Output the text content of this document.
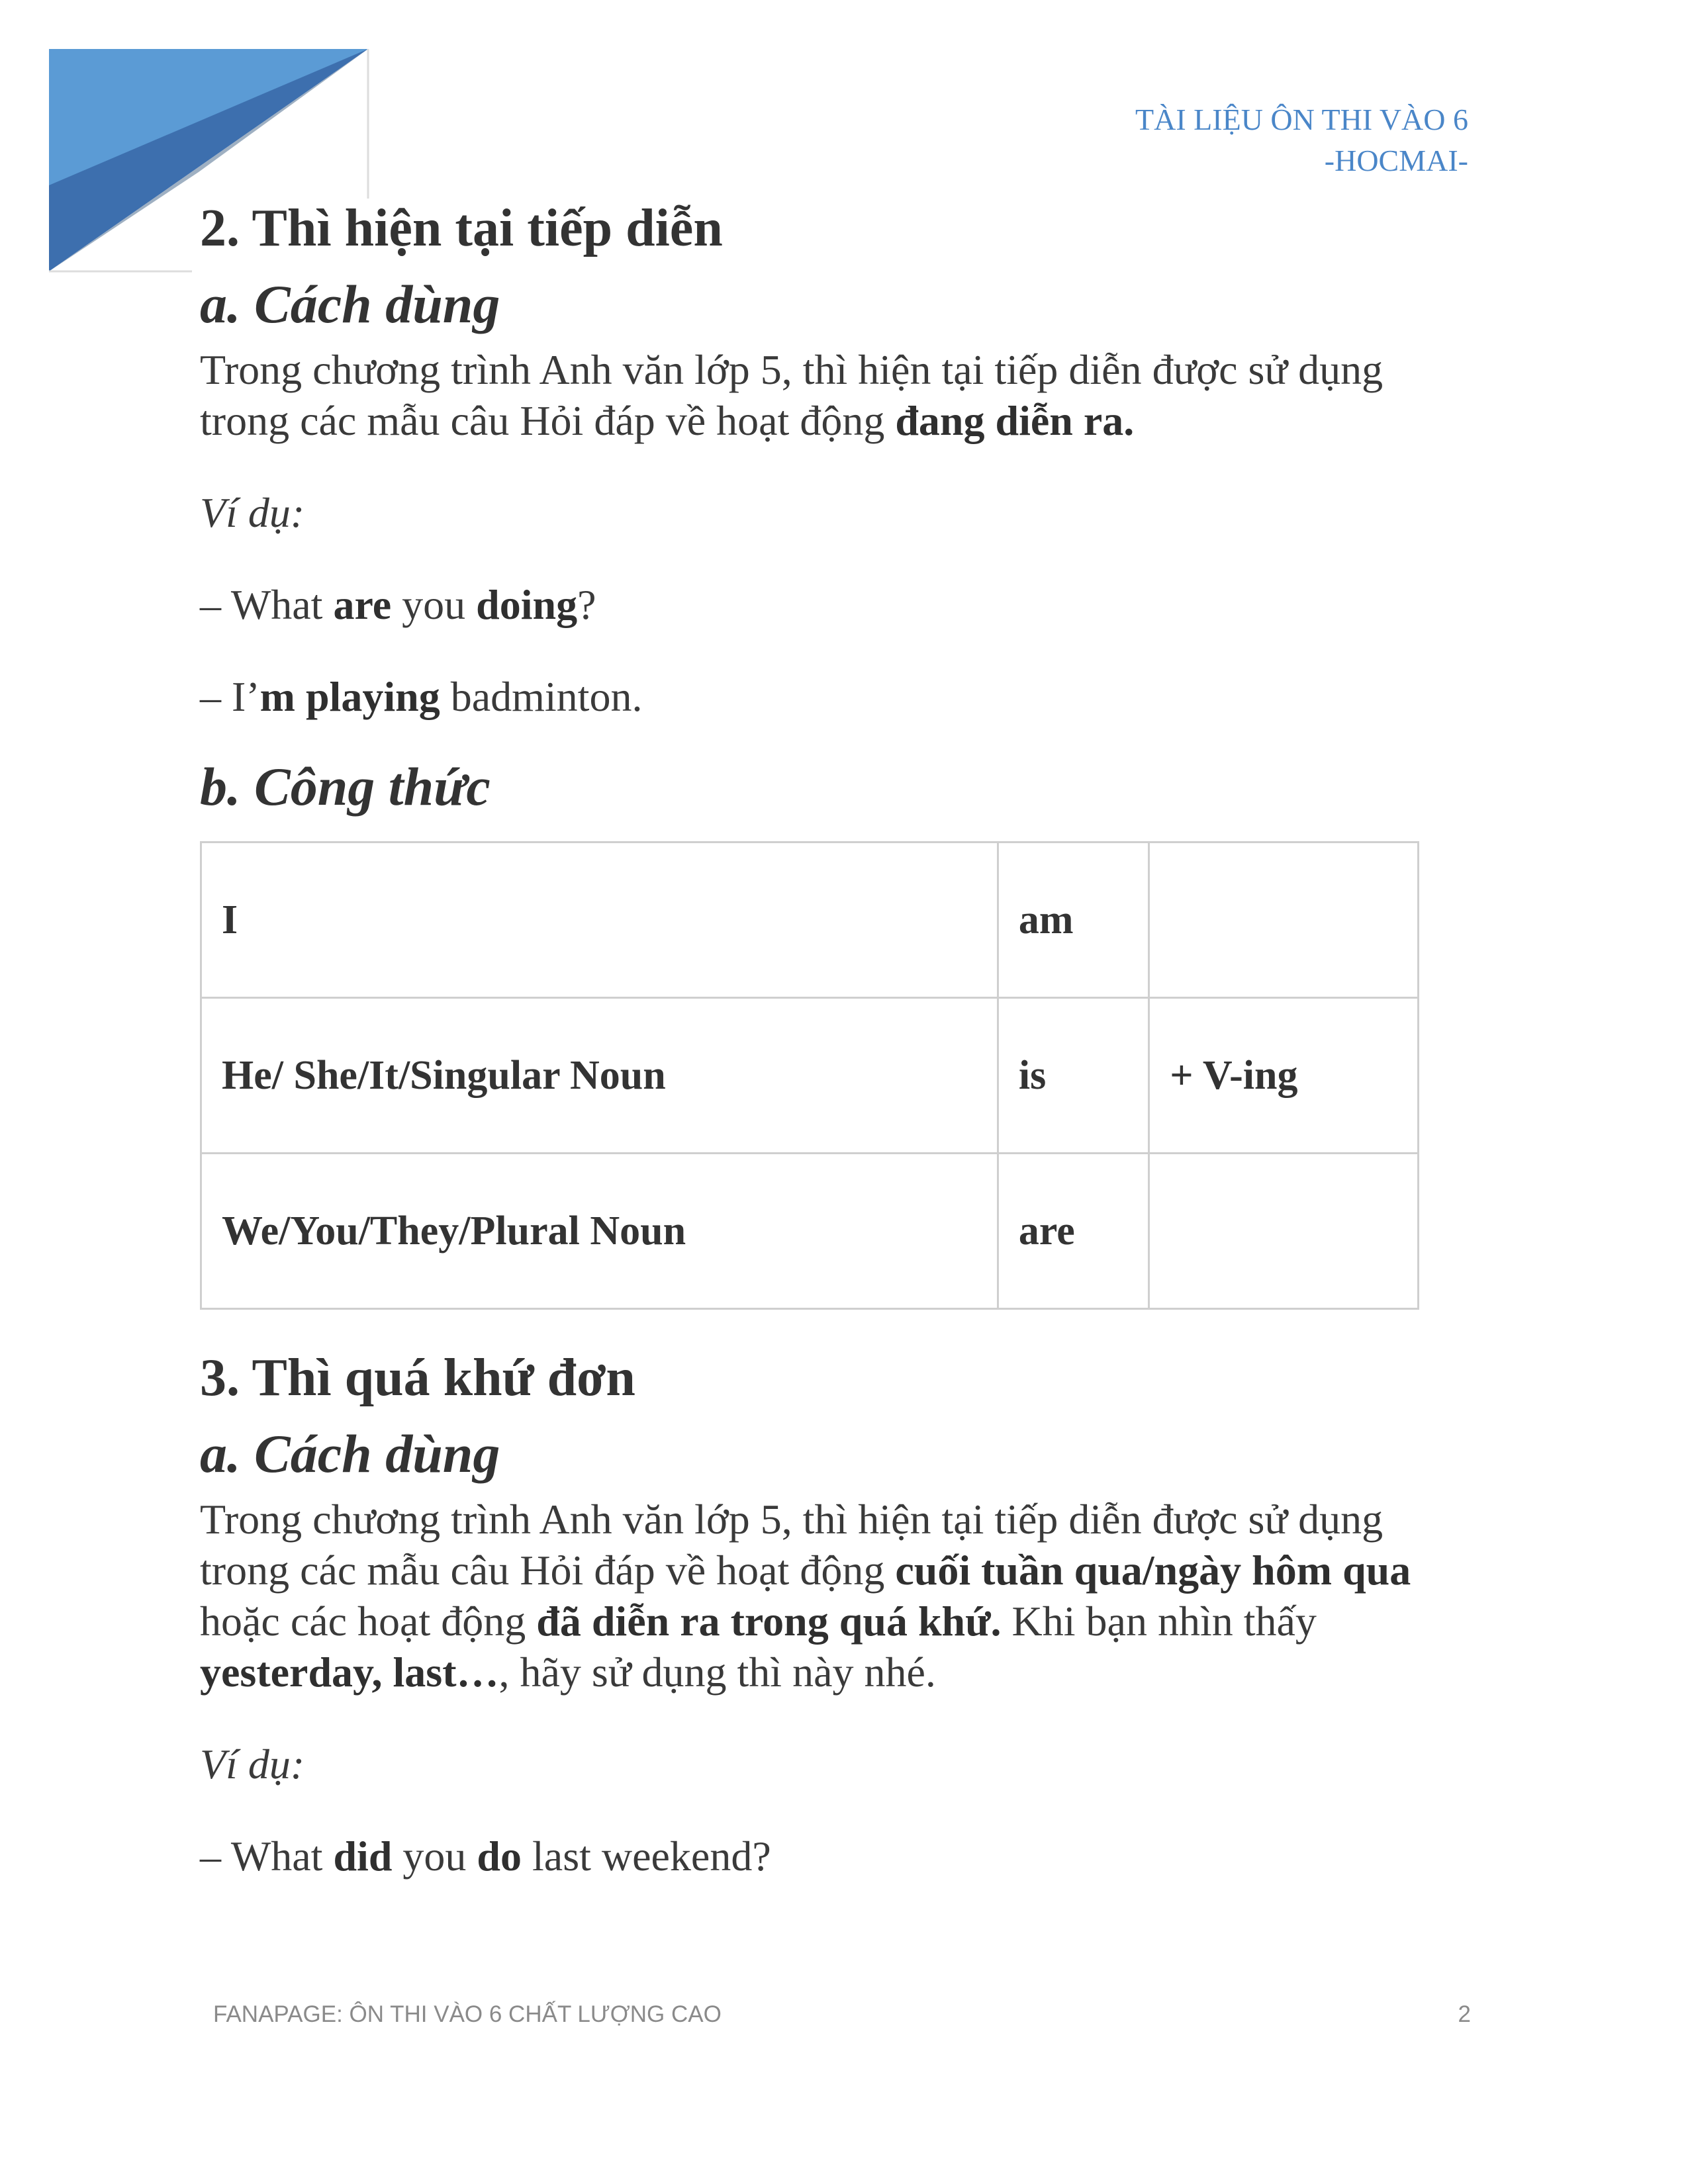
TÀI LIỆU ÔN THI VÀO 6
-HOCMAI-
2. Thì hiện tại tiếp diễn
a. Cách dùng

Trong chương trình Anh văn lớp 5, thì hiện tại tiếp diễn được sử dụng trong các mẫu câu Hỏi đáp về hoạt động đang diễn ra.

Ví dụ:

– What are you doing?

– I’m playing badminton.

b. Công thức
I	am	
He/ She/It/Singular Noun	is	+ V-ing
We/You/They/Plural Noun	are	
3. Thì quá khứ đơn
a. Cách dùng

Trong chương trình Anh văn lớp 5, thì hiện tại tiếp diễn được sử dụng trong các mẫu câu Hỏi đáp về hoạt động cuối tuần qua/ngày hôm qua hoặc các hoạt động đã diễn ra trong quá khứ. Khi bạn nhìn thấy yesterday, last…, hãy sử dụng thì này nhé.

Ví dụ:

– What did you do last weekend?

FANAPAGE: ÔN THI VÀO 6 CHẤT LƯỢNG CAO	2
